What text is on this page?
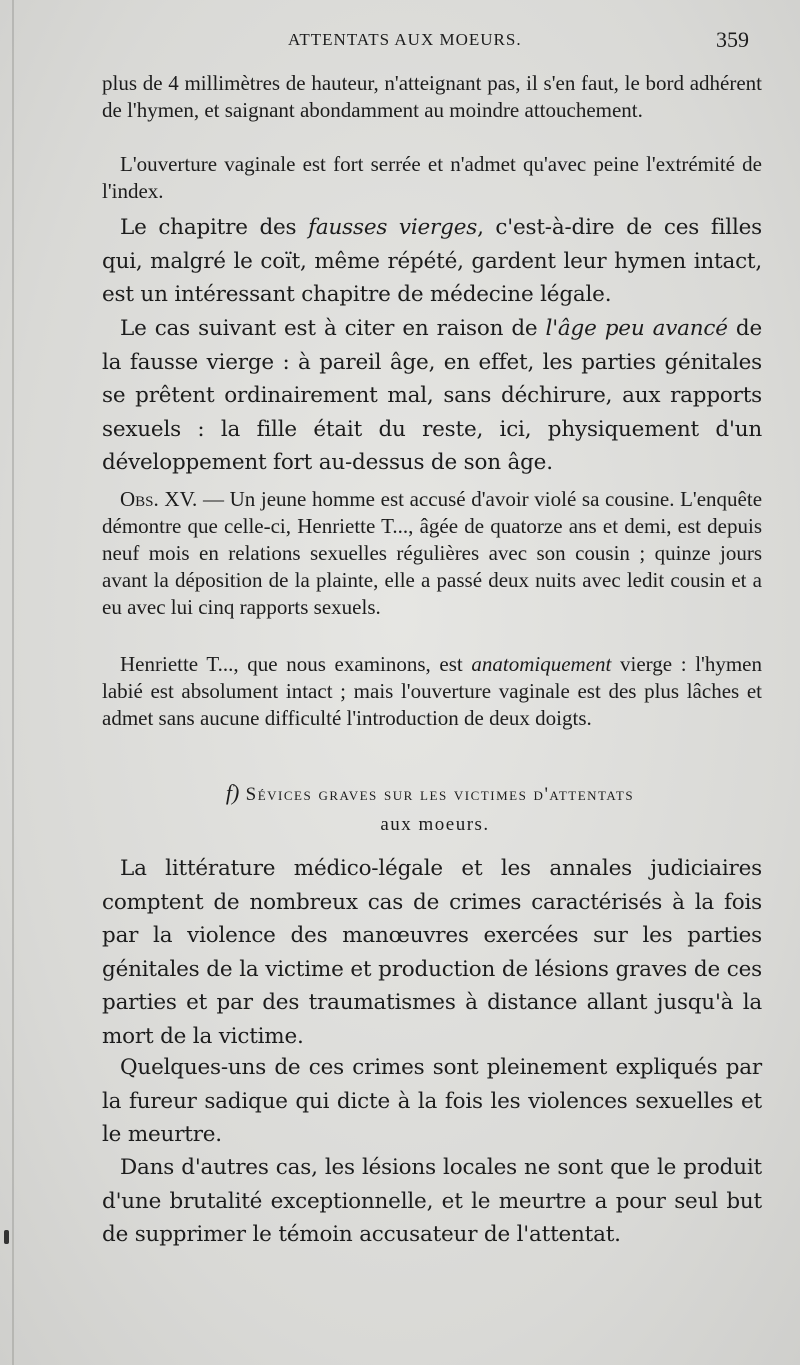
ATTENTATS AUX MOEURS.	359

plus de 4 millimètres de hauteur, n'atteignant pas, il s'en faut, le bord adhérent de l'hymen, et saignant abondamment au moindre attouchement.

L'ouverture vaginale est fort serrée et n'admet qu'avec peine l'extrémité de l'index.

Le chapitre des fausses vierges, c'est-à-dire de ces filles qui, malgré le coït, même répété, gardent leur hymen intact, est un intéressant chapitre de médecine légale.

Le cas suivant est à citer en raison de l'âge peu avancé de la fausse vierge : à pareil âge, en effet, les parties génitales se prêtent ordinairement mal, sans déchirure, aux rapports sexuels : la fille était du reste, ici, physiquement d'un développement fort au-dessus de son âge.

Obs. XV. — Un jeune homme est accusé d'avoir violé sa cousine. L'enquête démontre que celle-ci, Henriette T..., âgée de quatorze ans et demi, est depuis neuf mois en relations sexuelles régulières avec son cousin ; quinze jours avant la déposition de la plainte, elle a passé deux nuits avec ledit cousin et a eu avec lui cinq rapports sexuels.

Henriette T..., que nous examinons, est anatomiquement vierge : l'hymen labié est absolument intact ; mais l'ouverture vaginale est des plus lâches et admet sans aucune difficulté l'introduction de deux doigts.

f) Sévices graves sur les victimes d'attentats
aux moeurs.

La littérature médico-légale et les annales judiciaires comptent de nombreux cas de crimes caractérisés à la fois par la violence des manœuvres exercées sur les parties génitales de la victime et production de lésions graves de ces parties et par des traumatismes à distance allant jusqu'à la mort de la victime.

Quelques-uns de ces crimes sont pleinement expliqués par la fureur sadique qui dicte à la fois les violences sexuelles et le meurtre.

Dans d'autres cas, les lésions locales ne sont que le produit d'une brutalité exceptionnelle, et le meurtre a pour seul but de supprimer le témoin accusateur de l'attentat.
